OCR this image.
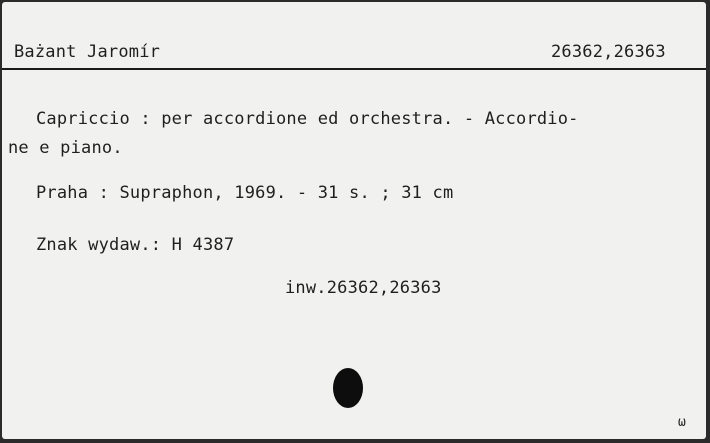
Bażant Jaromír	26362,26363
Capriccio : per accordione ed orchestra. - Accordio-
ne e piano.
Praha : Supraphon, 1969. - 31 s. ; 31 cm
Znak wydaw.: H 4387
inw.26362,26363
ω
